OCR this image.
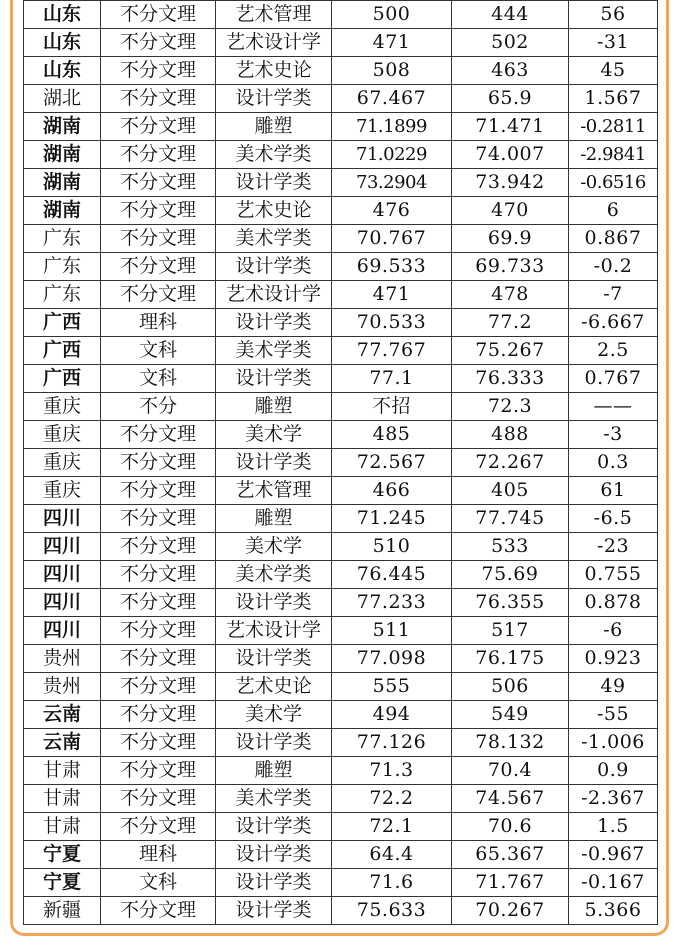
山东	不分文理	艺术管理	500	444	56
山东	不分文理	艺术设计学	471	502	-31
山东	不分文理	艺术史论	508	463	45
湖北	不分文理	设计学类	67.467	65.9	1.567
湖南	不分文理	雕塑	71.1899	71.471	-0.2811
湖南	不分文理	美术学类	71.0229	74.007	-2.9841
湖南	不分文理	设计学类	73.2904	73.942	-0.6516
湖南	不分文理	艺术史论	476	470	6
广东	不分文理	美术学类	70.767	69.9	0.867
广东	不分文理	设计学类	69.533	69.733	-0.2
广东	不分文理	艺术设计学	471	478	-7
广西	理科	设计学类	70.533	77.2	-6.667
广西	文科	美术学类	77.767	75.267	2.5
广西	文科	设计学类	77.1	76.333	0.767
重庆	不分	雕塑	不招	72.3	——
重庆	不分文理	美术学	485	488	-3
重庆	不分文理	设计学类	72.567	72.267	0.3
重庆	不分文理	艺术管理	466	405	61
四川	不分文理	雕塑	71.245	77.745	-6.5
四川	不分文理	美术学	510	533	-23
四川	不分文理	美术学类	76.445	75.69	0.755
四川	不分文理	设计学类	77.233	76.355	0.878
四川	不分文理	艺术设计学	511	517	-6
贵州	不分文理	设计学类	77.098	76.175	0.923
贵州	不分文理	艺术史论	555	506	49
云南	不分文理	美术学	494	549	-55
云南	不分文理	设计学类	77.126	78.132	-1.006
甘肃	不分文理	雕塑	71.3	70.4	0.9
甘肃	不分文理	美术学类	72.2	74.567	-2.367
甘肃	不分文理	设计学类	72.1	70.6	1.5
宁夏	理科	设计学类	64.4	65.367	-0.967
宁夏	文科	设计学类	71.6	71.767	-0.167
新疆	不分文理	设计学类	75.633	70.267	5.366
